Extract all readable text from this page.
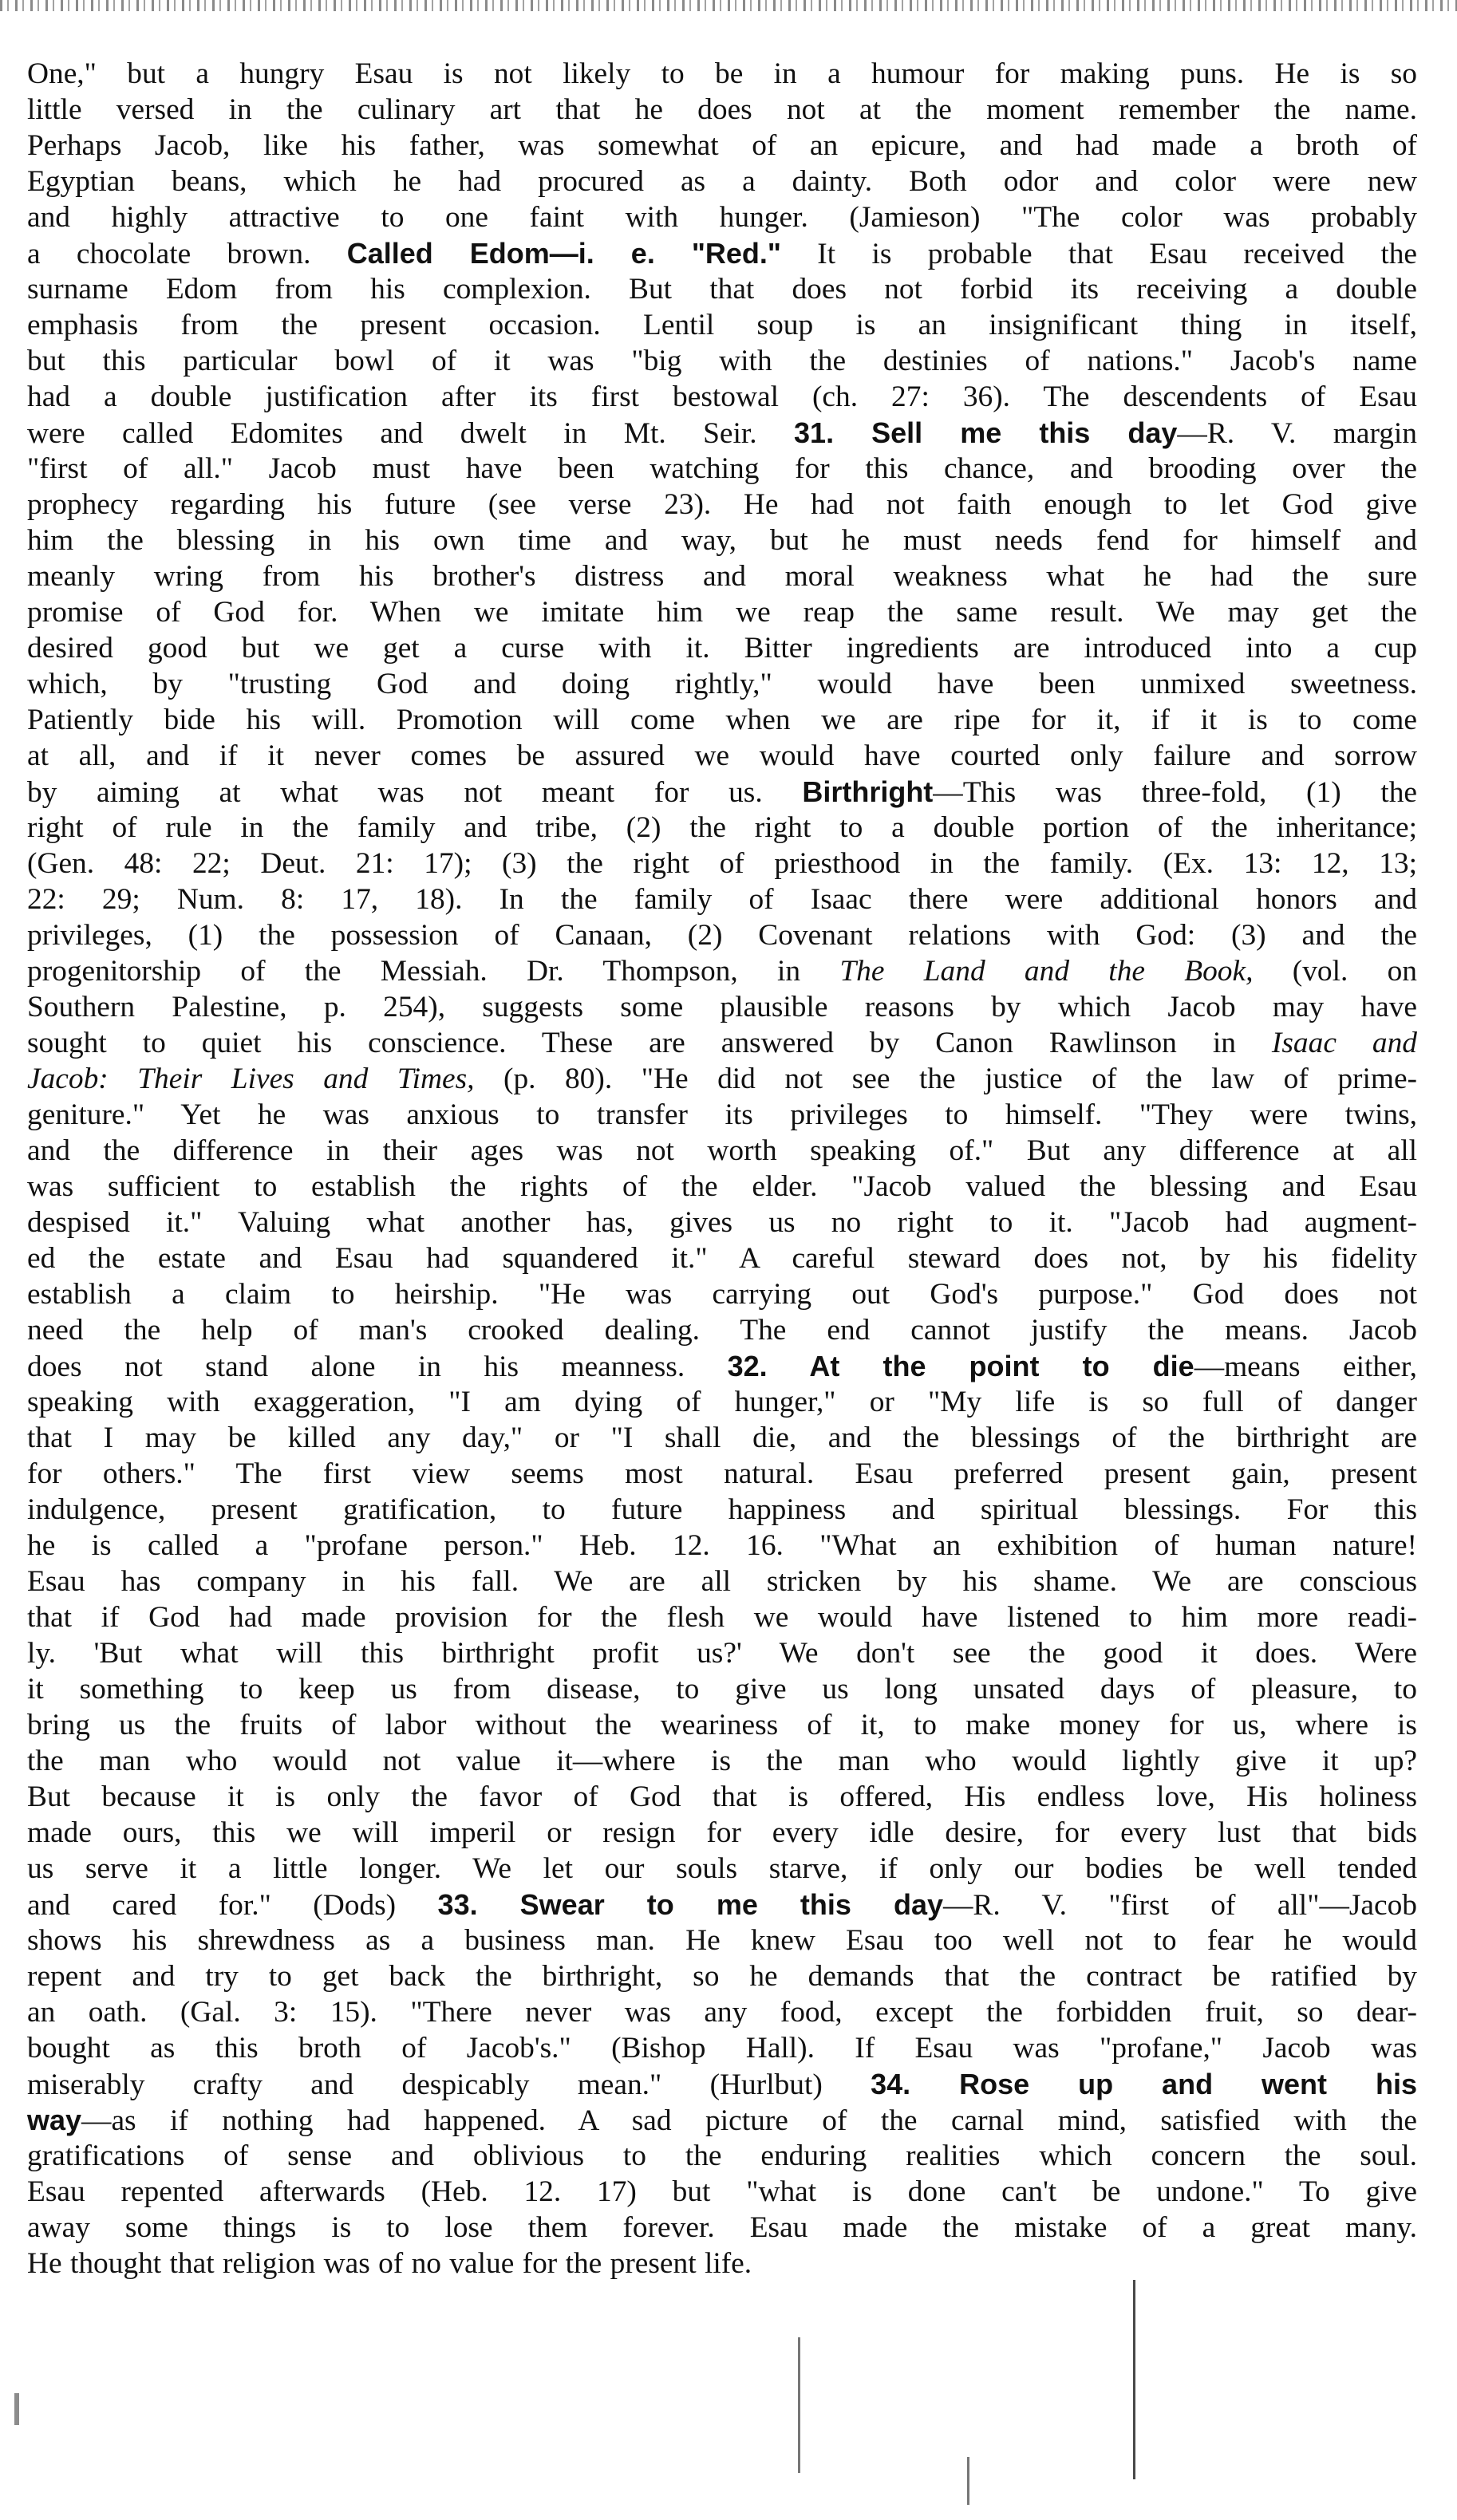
One," but a hungry Esau is not likely to be in a humour for making puns. He is so
little versed in the culinary art that he does not at the moment remember the name.
Perhaps Jacob, like his father, was somewhat of an epicure, and had made a broth of
Egyptian beans, which he had procured as a dainty. Both odor and color were new
and highly attractive to one faint with hunger. (Jamieson) "The color was probably
a chocolate brown. Called Edom—i. e. "Red." It is probable that Esau received the
surname Edom from his complexion. But that does not forbid its receiving a double
emphasis from the present occasion. Lentil soup is an insignificant thing in itself,
but this particular bowl of it was "big with the destinies of nations." Jacob's name
had a double justification after its first bestowal (ch. 27: 36). The descendents of Esau
were called Edomites and dwelt in Mt. Seir. 31. Sell me this day—R. V. margin
"first of all." Jacob must have been watching for this chance, and brooding over the
prophecy regarding his future (see verse 23). He had not faith enough to let God give
him the blessing in his own time and way, but he must needs fend for himself and
meanly wring from his brother's distress and moral weakness what he had the sure
promise of God for. When we imitate him we reap the same result. We may get the
desired good but we get a curse with it. Bitter ingredients are introduced into a cup
which, by "trusting God and doing rightly," would have been unmixed sweetness.
Patiently bide his will. Promotion will come when we are ripe for it, if it is to come
at all, and if it never comes be assured we would have courted only failure and sorrow
by aiming at what was not meant for us. Birthright—This was three-fold, (1) the
right of rule in the family and tribe, (2) the right to a double portion of the inheritance;
(Gen. 48: 22; Deut. 21: 17); (3) the right of priesthood in the family. (Ex. 13: 12, 13;
22: 29; Num. 8: 17, 18). In the family of Isaac there were additional honors and
privileges, (1) the possession of Canaan, (2) Covenant relations with God: (3) and the
progenitorship of the Messiah. Dr. Thompson, in The Land and the Book, (vol. on
Southern Palestine, p. 254), suggests some plausible reasons by which Jacob may have
sought to quiet his conscience. These are answered by Canon Rawlinson in Isaac and
Jacob: Their Lives and Times, (p. 80). "He did not see the justice of the law of prime-
geniture." Yet he was anxious to transfer its privileges to himself. "They were twins,
and the difference in their ages was not worth speaking of." But any difference at all
was sufficient to establish the rights of the elder. "Jacob valued the blessing and Esau
despised it." Valuing what another has, gives us no right to it. "Jacob had augment-
ed the estate and Esau had squandered it." A careful steward does not, by his fidelity
establish a claim to heirship. "He was carrying out God's purpose." God does not
need the help of man's crooked dealing. The end cannot justify the means. Jacob
does not stand alone in his meanness. 32. At the point to die—means either,
speaking with exaggeration, "I am dying of hunger," or "My life is so full of danger
that I may be killed any day," or "I shall die, and the blessings of the birthright are
for others." The first view seems most natural. Esau preferred present gain, present
indulgence, present gratification, to future happiness and spiritual blessings. For this
he is called a "profane person." Heb. 12. 16. "What an exhibition of human nature!
Esau has company in his fall. We are all stricken by his shame. We are conscious
that if God had made provision for the flesh we would have listened to him more readi-
ly. 'But what will this birthright profit us?' We don't see the good it does. Were
it something to keep us from disease, to give us long unsated days of pleasure, to
bring us the fruits of labor without the weariness of it, to make money for us, where is
the man who would not value it—where is the man who would lightly give it up?
But because it is only the favor of God that is offered, His endless love, His holiness
made ours, this we will imperil or resign for every idle desire, for every lust that bids
us serve it a little longer. We let our souls starve, if only our bodies be well tended
and cared for." (Dods) 33. Swear to me this day—R. V. "first of all"—Jacob
shows his shrewdness as a business man. He knew Esau too well not to fear he would
repent and try to get back the birthright, so he demands that the contract be ratified by
an oath. (Gal. 3: 15). "There never was any food, except the forbidden fruit, so dear-
bought as this broth of Jacob's." (Bishop Hall). If Esau was "profane," Jacob was
miserably crafty and despicably mean." (Hurlbut) 34. Rose up and went his
way—as if nothing had happened. A sad picture of the carnal mind, satisfied with the
gratifications of sense and oblivious to the enduring realities which concern the soul.
Esau repented afterwards (Heb. 12. 17) but "what is done can't be undone." To give
away some things is to lose them forever. Esau made the mistake of a great many.
He thought that religion was of no value for the present life.
